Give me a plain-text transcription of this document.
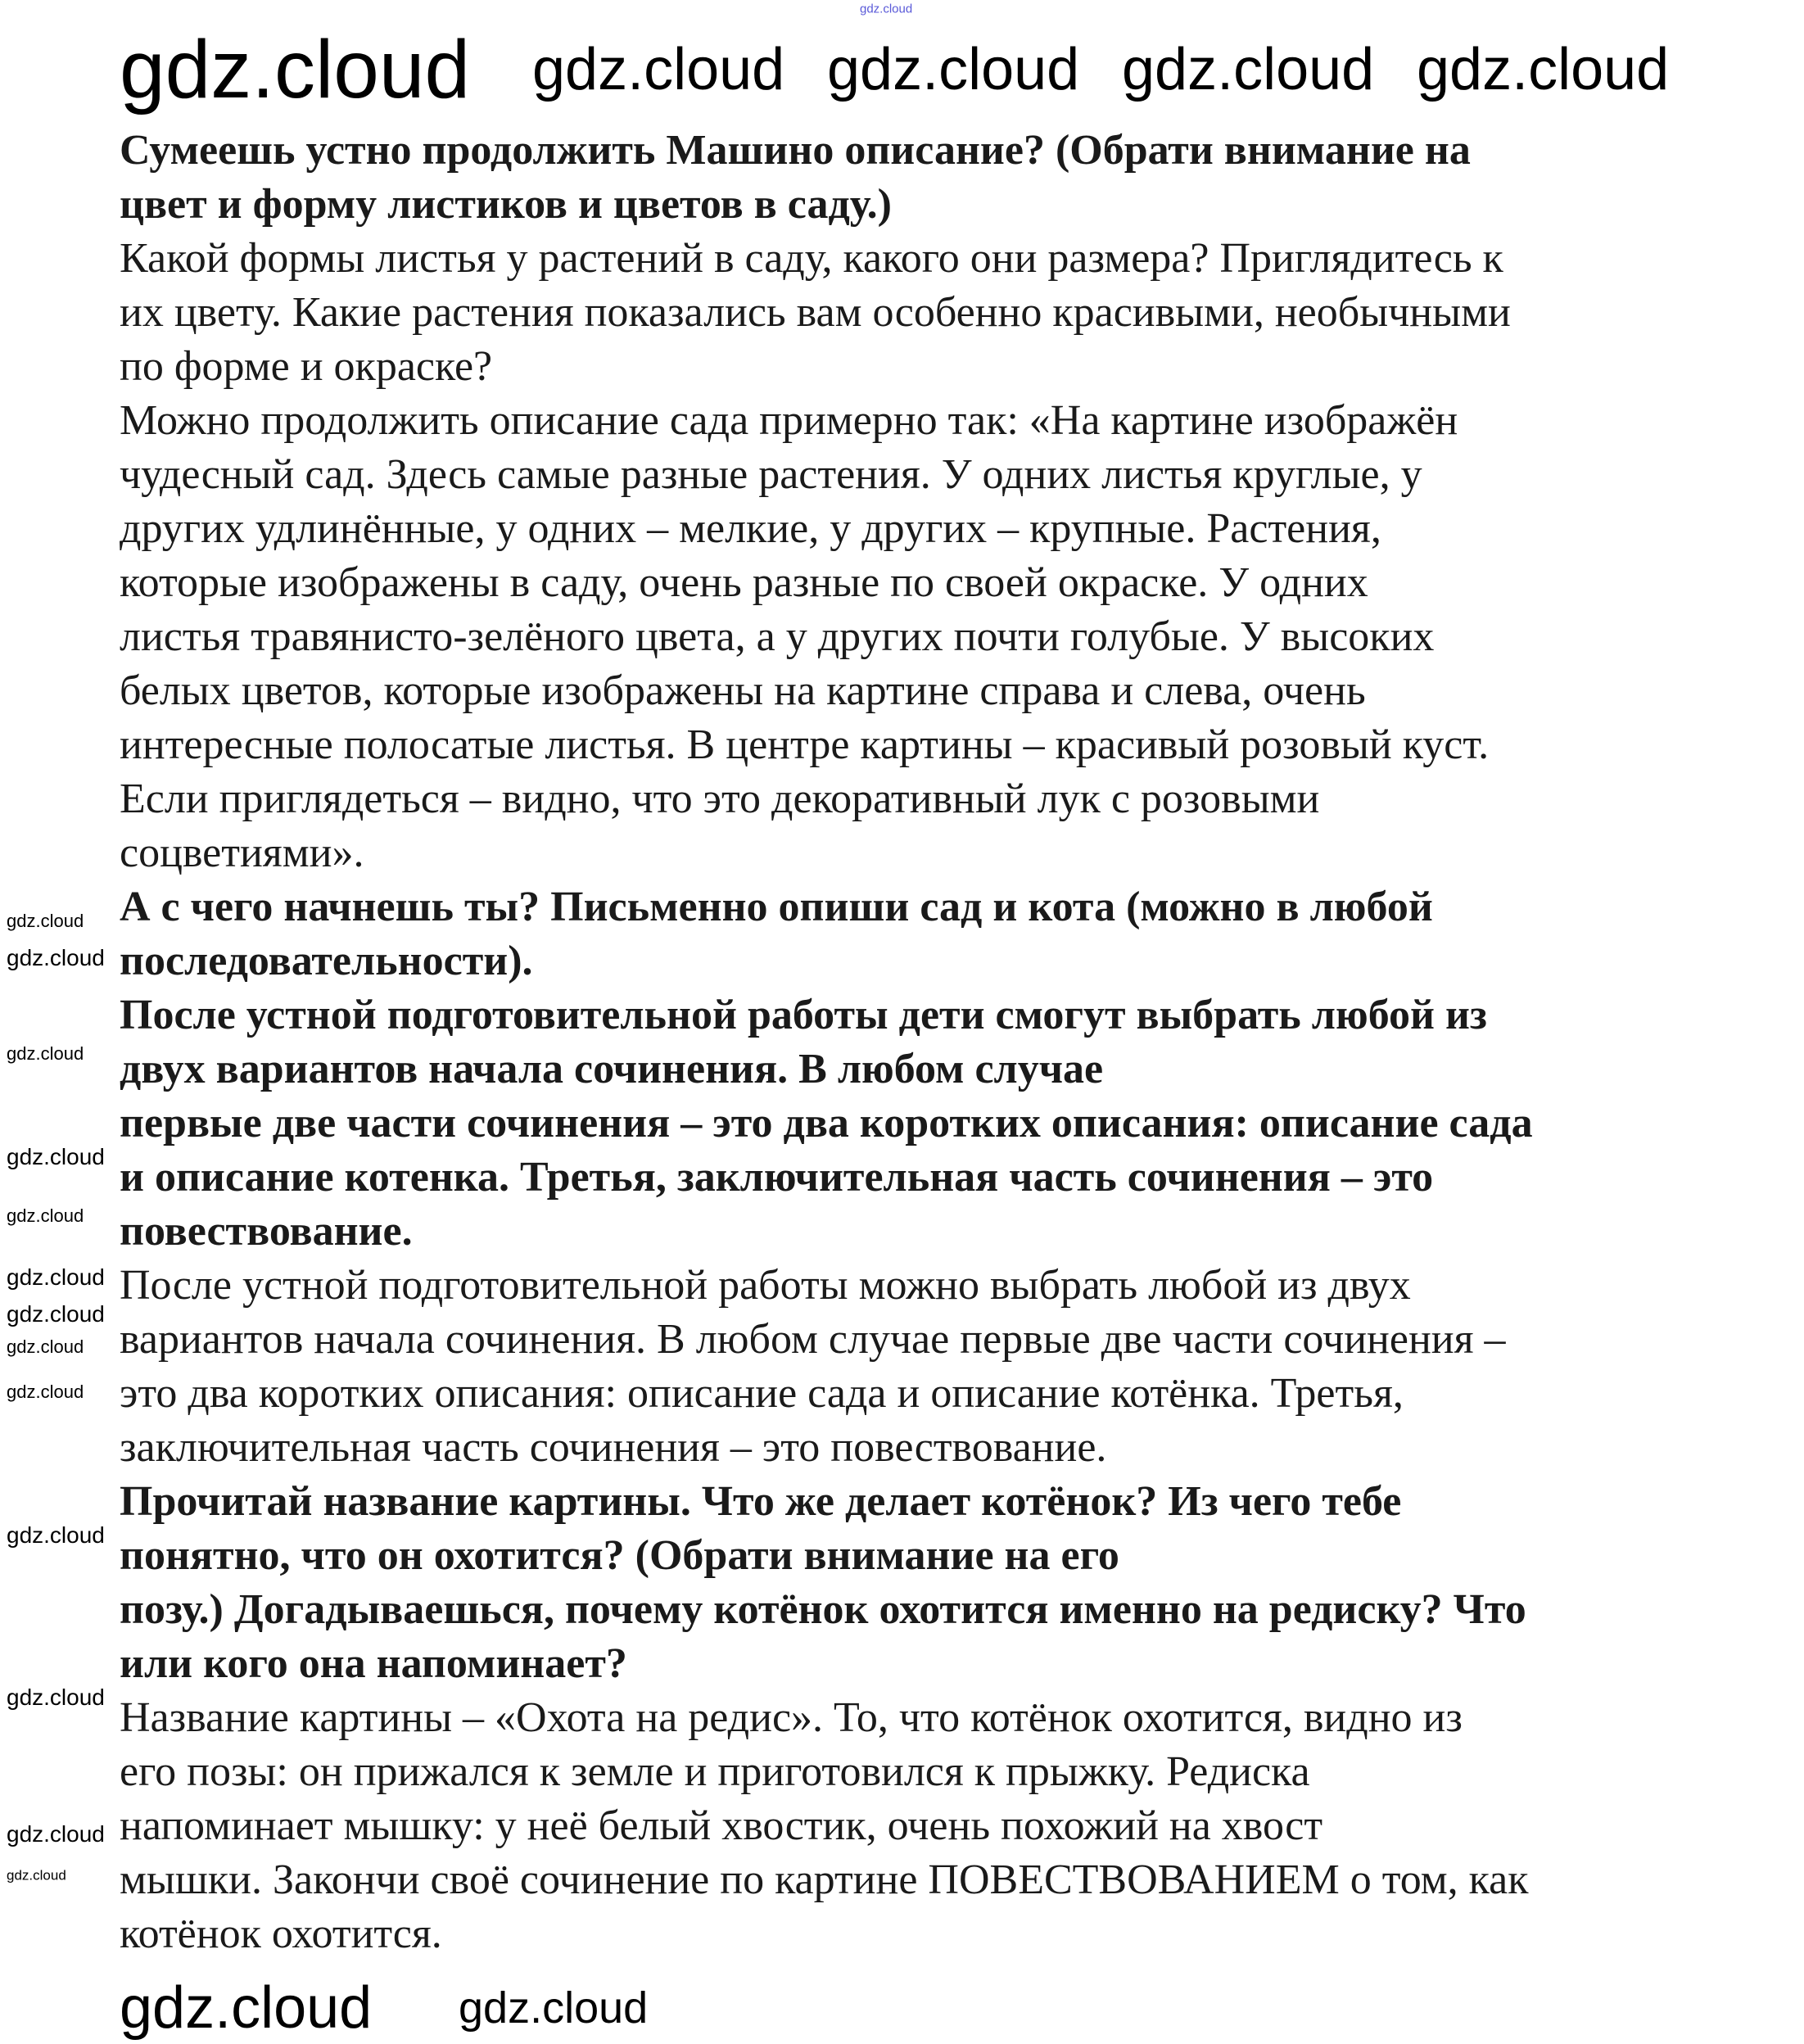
Сумеешь устно продолжить Машино описание? (Обрати внимание на
цвет и форму листиков и цветов в саду.)

Какой формы листья у растений в саду, какого они размера? Приглядитесь к
их цвету. Какие растения показались вам особенно красивыми, необычными
по форме и окраске?

Можно продолжить описание сада примерно так: «На картине изображён
чудесный сад. Здесь самые разные растения. У одних листья круглые, у
других удлинённые, у одних – мелкие, у других – крупные. Растения,
которые изображены в саду, очень разные по своей окраске. У одних
листья травянисто-зелёного цвета, а у других почти голубые. У высоких
белых цветов, которые изображены на картине справа и слева, очень
интересные полосатые листья. В центре картины – красивый розовый куст.
Если приглядеться – видно, что это декоративный лук с розовыми
соцветиями».

А с чего начнешь ты? Письменно опиши сад и кота (можно в любой
последовательности).

После устной подготовительной работы дети смогут выбрать любой из
двух вариантов начала сочинения. В любом случае
первые две части сочинения – это два коротких описания: описание сада
и описание котенка. Третья, заключительная часть сочинения – это
повествование.

После устной подготовительной работы можно выбрать любой из двух
вариантов начала сочинения. В любом случае первые две части сочинения –
это два коротких описания: описание сада и описание котёнка. Третья,
заключительная часть сочинения – это повествование.

Прочитай название картины. Что же делает котёнок? Из чего тебе
понятно, что он охотится? (Обрати внимание на его
позу.) Догадываешься, почему котёнок охотится именно на редиску? Что
или кого она напоминает?

Название картины – «Охота на редис». То, что котёнок охотится, видно из
его позы: он прижался к земле и приготовился к прыжку. Редиска
напоминает мышку: у неё белый хвостик, очень похожий на хвост
мышки. Закончи своё сочинение по картине ПОВЕСТВОВАНИЕМ о том, как
котёнок охотится.

gdz.cloud
gdz.cloud gdz.cloud gdz.cloud gdz.cloud gdz.cloud
gdz.cloud gdz.cloud
gdz.cloud
gdz.cloud
gdz.cloud
gdz.cloud
gdz.cloud
gdz.cloud
gdz.cloud
gdz.cloud
gdz.cloud
gdz.cloud
gdz.cloud
gdz.cloud
gdz.cloud
